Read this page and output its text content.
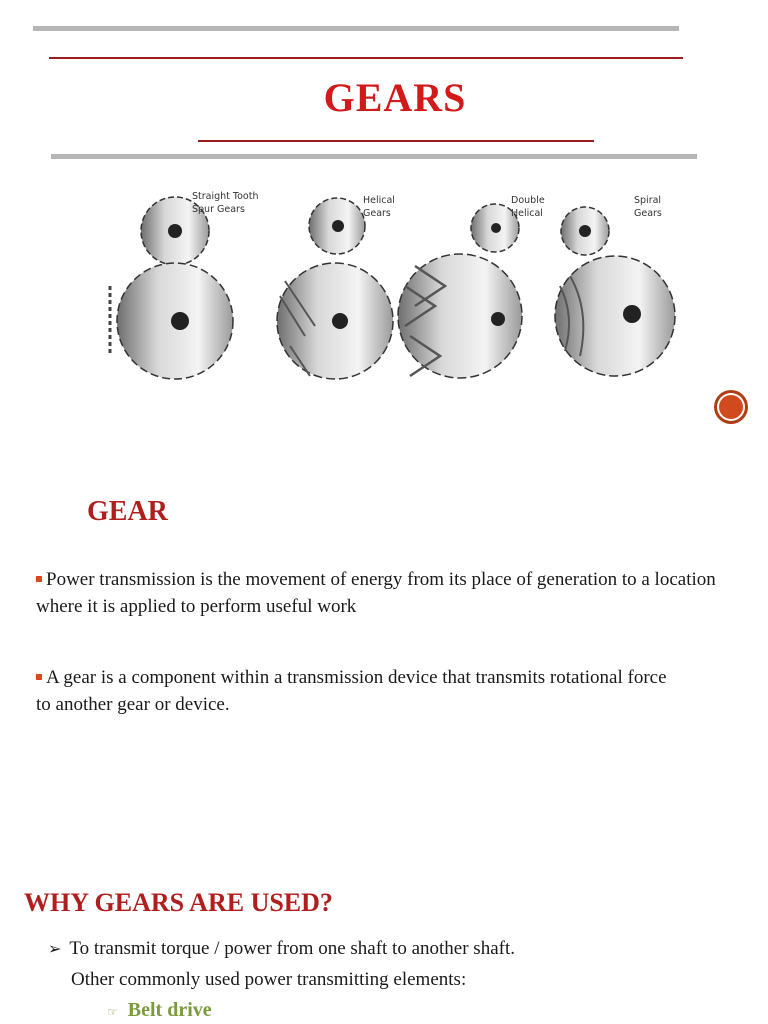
GEARS
Straight Tooth
Spur Gears
Helical
Gears
Double
Helical
Spiral
Gears
GEAR
Power transmission is the movement of energy from its place of generation to a location where it is applied to perform useful work
A gear is a component within a transmission device that transmits rotational force to another gear or device.
WHY GEARS ARE USED?
➢ To transmit torque / power from one shaft to another shaft.
Other commonly used power transmitting elements:
☞ Belt drive
